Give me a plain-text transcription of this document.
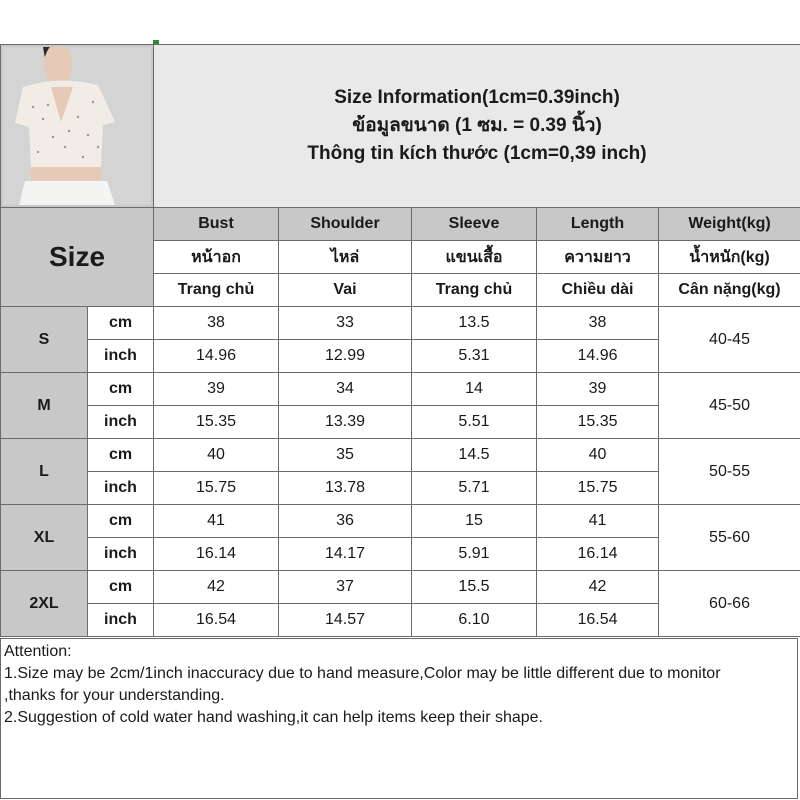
Size Information(1cm=0.39inch)
ข้อมูลขนาด (1 ซม. = 0.39 นิ้ว)
Thông tin kích thước (1cm=0,39 inch)				

Size		Bust	Shoulder	Sleeve	Length	Weight(kg)
		หน้าอก	ไหล่	แขนเสื้อ	ความยาว	น้ำหนัก(kg)
		Trang chủ	Vai	Trang chủ	Chiều dài	Cân nặng(kg)
S	cm	38	33	13.5	38	40-45
	inch	14.96	12.99	5.31	14.96	
M	cm	39	34	14	39	45-50
	inch	15.35	13.39	5.51	15.35	
L	cm	40	35	14.5	40	50-55
	inch	15.75	13.78	5.71	15.75	
XL	cm	41	36	15	41	55-60
	inch	16.14	14.17	5.91	16.14	
2XL	cm	42	37	15.5	42	60-66
	inch	16.54	14.57	6.10	16.54	
Attention:
1.Size may be 2cm/1inch inaccuracy due to hand measure,Color may be little different due to monitor
,thanks for your understanding.
2.Suggestion of cold water hand washing,it can help items keep their shape.
